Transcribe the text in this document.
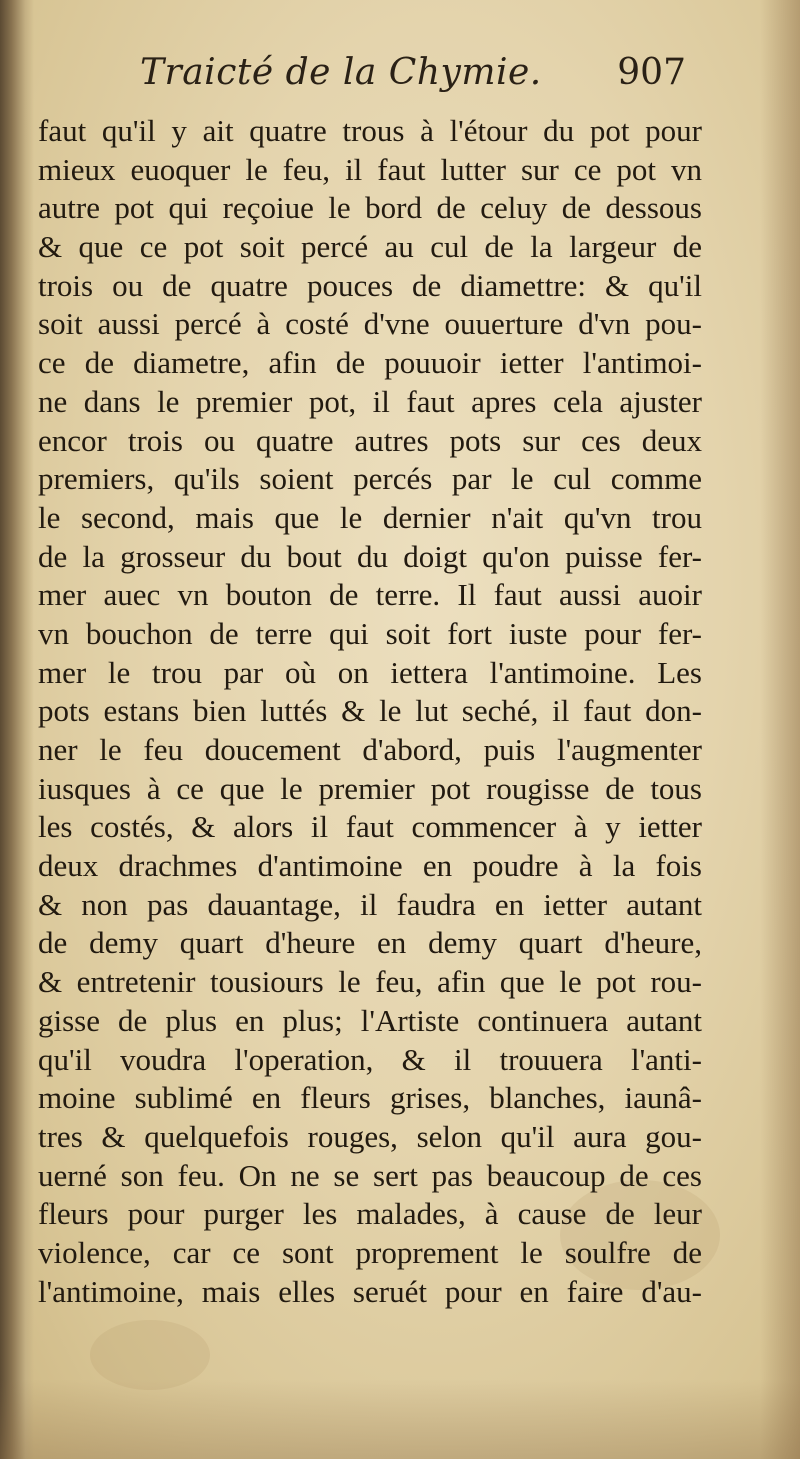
Traicté de la Chymie. 907
faut qu'il y ait quatre trous à l'étour du pot pour
mieux euoquer le feu, il faut lutter sur ce pot vn
autre pot qui reçoiue le bord de celuy de dessous
& que ce pot soit percé au cul de la largeur de
trois ou de quatre pouces de diamettre: & qu'il
soit aussi percé à costé d'vne ouuerture d'vn pou-
ce de diametre, afin de pouuoir ietter l'antimoi-
ne dans le premier pot, il faut apres cela ajuster
encor trois ou quatre autres pots sur ces deux
premiers, qu'ils soient percés par le cul comme
le second, mais que le dernier n'ait qu'vn trou
de la grosseur du bout du doigt qu'on puisse fer-
mer auec vn bouton de terre. Il faut aussi auoir
vn bouchon de terre qui soit fort iuste pour fer-
mer le trou par où on iettera l'antimoine. Les
pots estans bien luttés & le lut seché, il faut don-
ner le feu doucement d'abord, puis l'augmenter
iusques à ce que le premier pot rougisse de tous
les costés, & alors il faut commencer à y ietter
deux drachmes d'antimoine en poudre à la fois
& non pas dauantage, il faudra en ietter autant
de demy quart d'heure en demy quart d'heure,
& entretenir tousiours le feu, afin que le pot rou-
gisse de plus en plus; l'Artiste continuera autant
qu'il voudra l'operation, & il trouuera l'anti-
moine sublimé en fleurs grises, blanches, iaunâ-
tres & quelquefois rouges, selon qu'il aura gou-
uerné son feu. On ne se sert pas beaucoup de ces
fleurs pour purger les malades, à cause de leur
violence, car ce sont proprement le soulfre de
l'antimoine, mais elles seruét pour en faire d'au-
